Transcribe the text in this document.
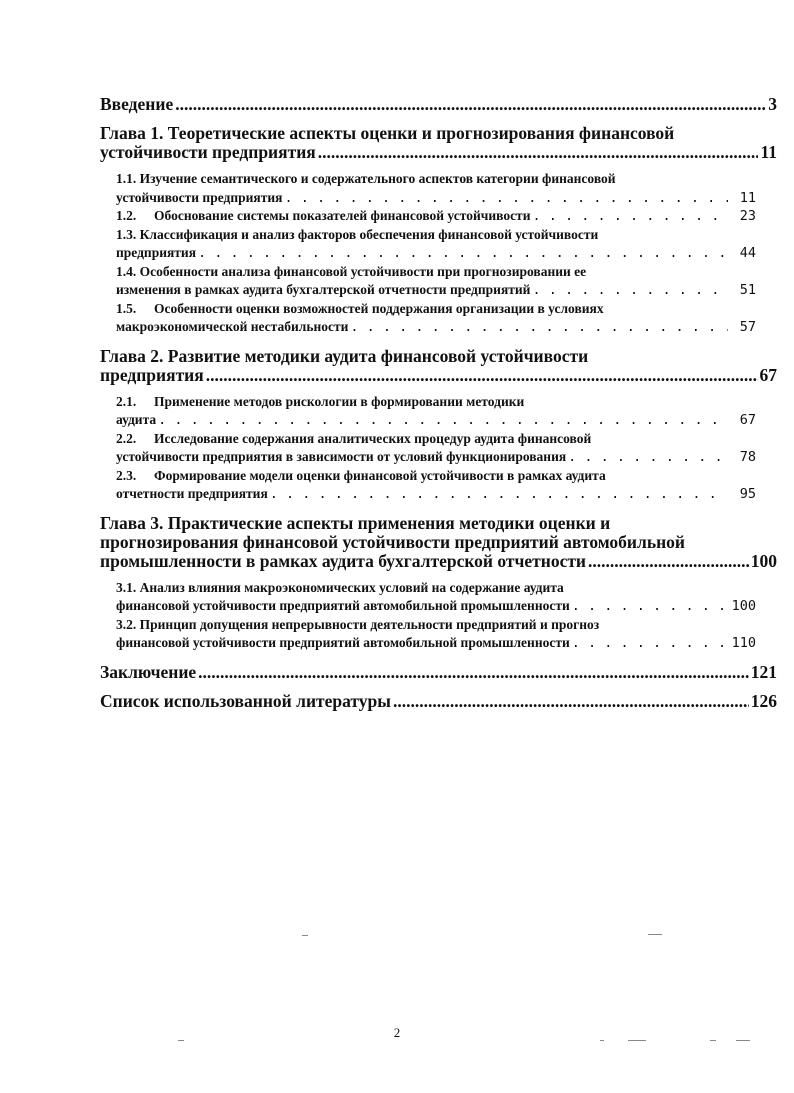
Введение .....	3
Глава 1. Теоретические аспекты оценки и прогнозирования финансовой
устойчивости предприятия .....	11
1.1. Изучение семантического и содержательного аспектов категории финансовой
устойчивости предприятия . . .	11
1.2. Обоснование системы показателей финансовой устойчивости . . .	23
1.3. Классификация и анализ факторов обеспечения финансовой устойчивости
предприятия . . .	44
1.4. Особенности анализа финансовой устойчивости при прогнозировании ее
изменения в рамках аудита бухгалтерской отчетности предприятий . . .	51
1.5. Особенности оценки возможностей поддержания организации в условиях
макроэкономической нестабильности . . .	57
Глава 2. Развитие методики аудита финансовой устойчивости
предприятия .....	67
2.1. Применение методов рискологии в формировании методики
аудита . . .	67
2.2. Исследование содержания аналитических процедур аудита финансовой
устойчивости предприятия в зависимости от условий функционирования . . .	78
2.3. Формирование модели оценки финансовой устойчивости в рамках аудита
отчетности предприятия . . .	95
Глава 3. Практические аспекты применения методики оценки и
прогнозирования финансовой устойчивости предприятий автомобильной
промышленности в рамках аудита бухгалтерской отчетности .....	100
3.1. Анализ влияния макроэкономических условий на содержание аудита
финансовой устойчивости предприятий автомобильной промышленности . . .	100
3.2. Принцип допущения непрерывности деятельности предприятий и прогноз
финансовой устойчивости предприятий автомобильной промышленности . . .	110
Заключение .....	121
Список использованной литературы .....	126
2
